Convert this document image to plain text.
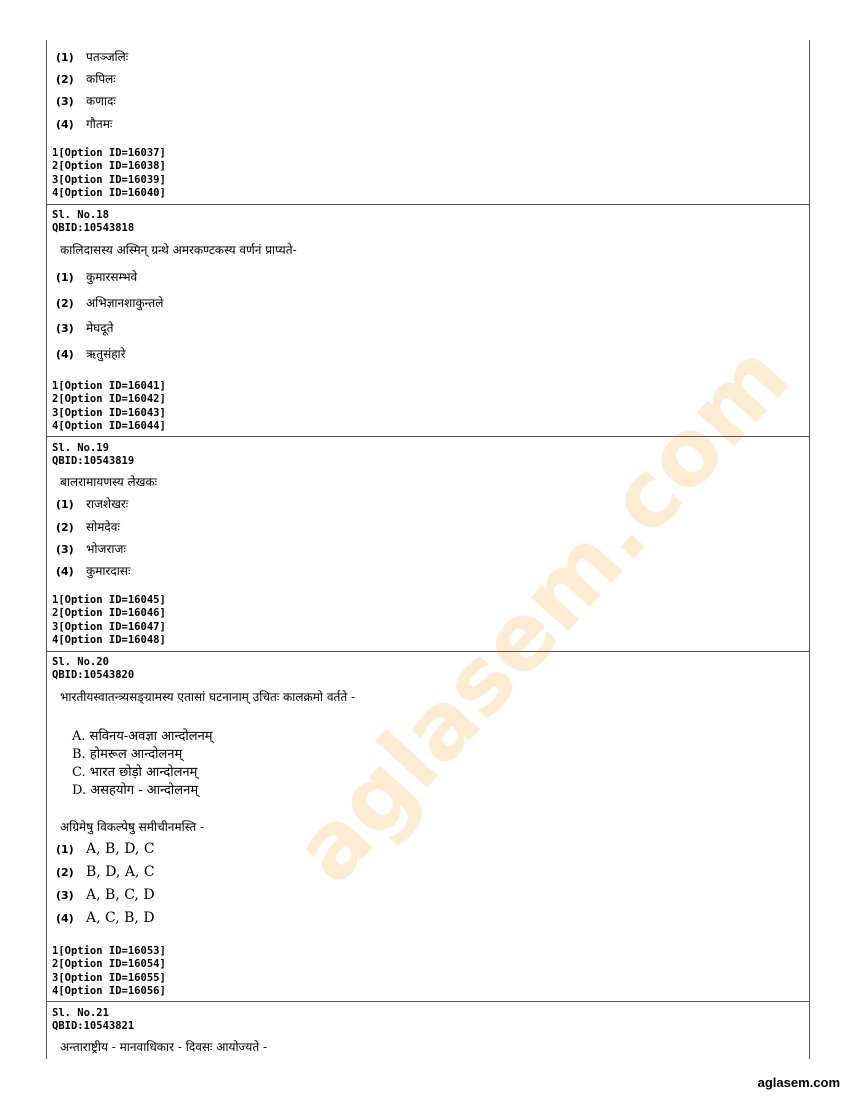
aglasem.com
(1) पतञ्जलिः
(2) कपिलः
(3) कणादः
(4) गौतमः
1[Option ID=16037]
2[Option ID=16038]
3[Option ID=16039]
4[Option ID=16040]
Sl. No.18
QBID:10543818
कालिदासस्य अस्मिन् ग्रन्थे अमरकण्टकस्य वर्णनं प्राप्यते-
(1) कुमारसम्भवे
(2) अभिज्ञानशाकुन्तले
(3) मेघदूते
(4) ऋतुसंहारे
1[Option ID=16041]
2[Option ID=16042]
3[Option ID=16043]
4[Option ID=16044]
Sl. No.19
QBID:10543819
बालरामायणस्य लेखकः
(1) राजशेखरः
(2) सोमदेवः
(3) भोजराजः
(4) कुमारदासः
1[Option ID=16045]
2[Option ID=16046]
3[Option ID=16047]
4[Option ID=16048]
Sl. No.20
QBID:10543820
भारतीयस्वातन्त्र्यसङ्ग्रामस्य एतासां घटनानाम् उचितः कालक्रमो वर्तते -
A. सविनय-अवज्ञा आन्दोलनम्
B. होमरूल आन्दोलनम्
C. भारत छोड़ो आन्दोलनम्
D. असहयोग - आन्दोलनम्
अग्रिमेषु विकल्पेषु समीचीनमस्ति -
(1) A, B, D, C
(2) B, D, A, C
(3) A, B, C, D
(4) A, C, B, D
1[Option ID=16053]
2[Option ID=16054]
3[Option ID=16055]
4[Option ID=16056]
Sl. No.21
QBID:10543821
अन्ताराष्ट्रीय - मानवाधिकार - दिवसः आयोज्यते -
aglasem.com
